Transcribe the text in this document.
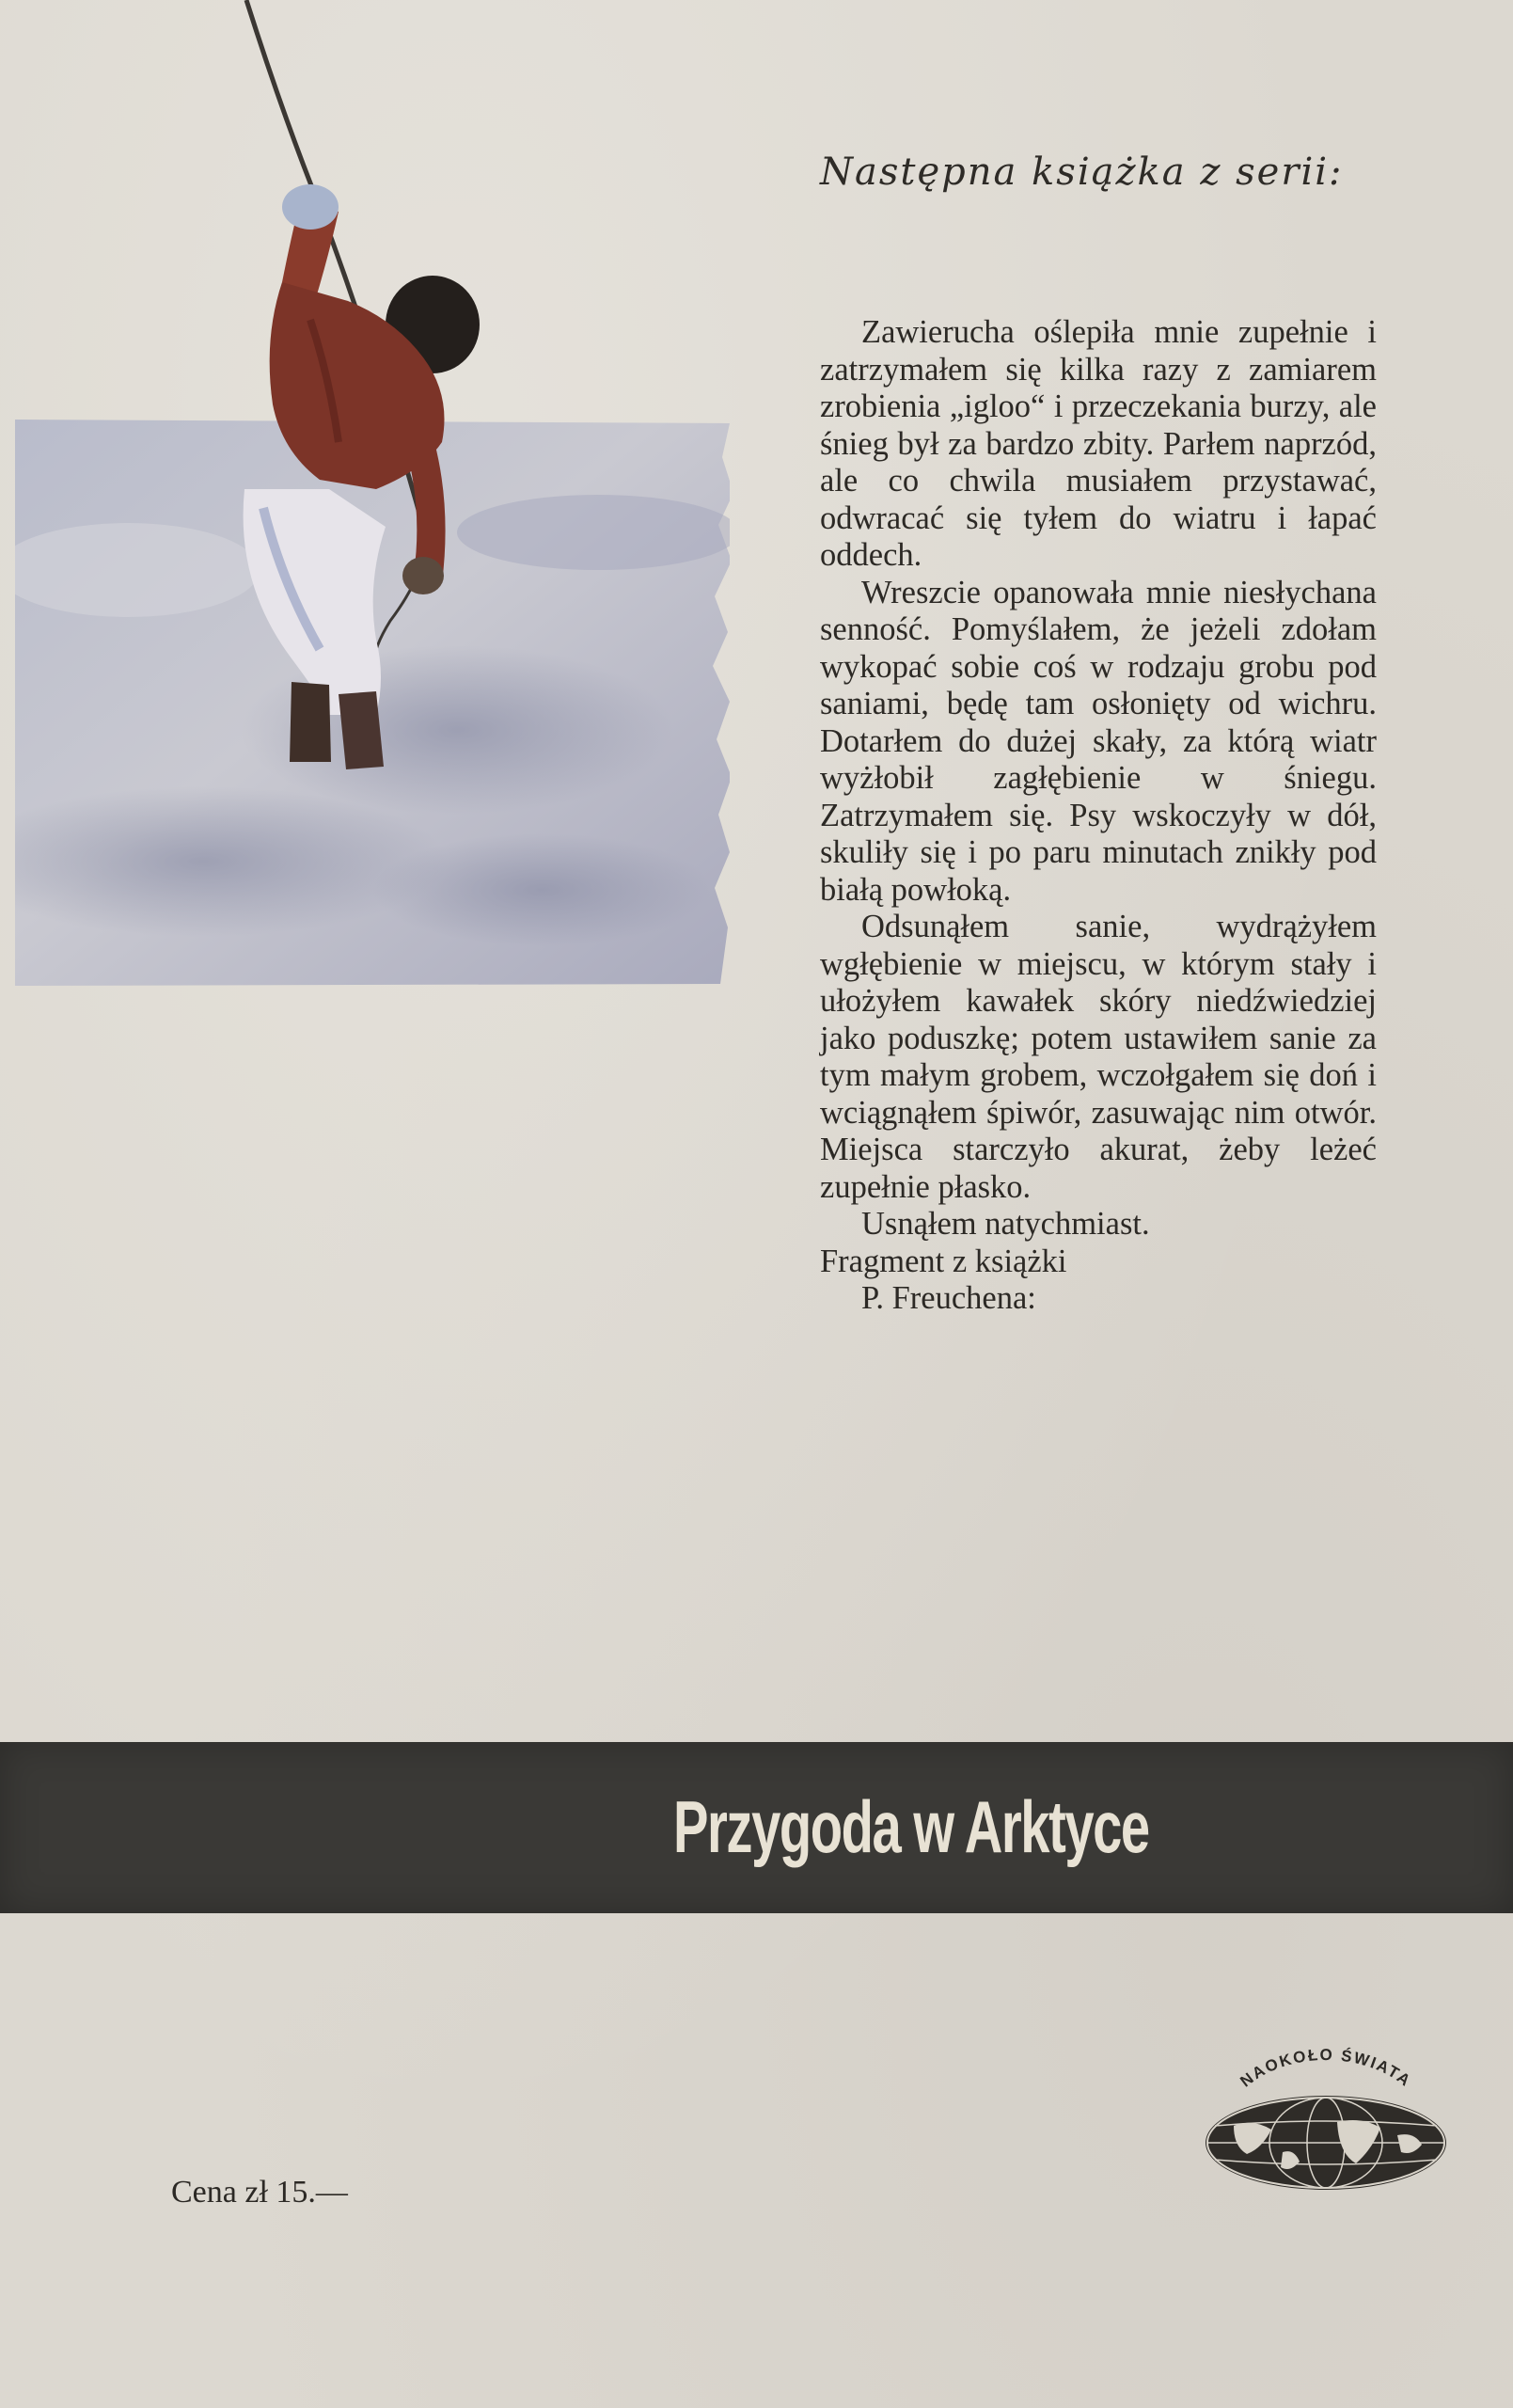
Następna książka z serii:

Zawierucha oślepiła mnie zupełnie i zatrzymałem się kilka razy z zamiarem zrobienia „igloo“ i przeczekania burzy, ale śnieg był za bardzo zbity. Parłem naprzód, ale co chwila musiałem przystawać, odwracać się tyłem do wiatru i łapać oddech.

Wreszcie opanowała mnie niesłychana senność. Pomyślałem, że jeżeli zdołam wykopać sobie coś w rodzaju grobu pod saniami, będę tam osłonięty od wichru. Dotarłem do dużej skały, za którą wiatr wyżłobił zagłębienie w śniegu. Zatrzymałem się. Psy wskoczyły w dół, skuliły się i po paru minutach znikły pod białą powłoką.

Odsunąłem sanie, wydrążyłem wgłębienie w miejscu, w którym stały i ułożyłem kawałek skóry niedźwiedziej jako poduszkę; potem ustawiłem sanie za tym małym grobem, wczołgałem się doń i wciągnąłem śpiwór, zasuwając nim otwór. Miejsca starczyło akurat, żeby leżeć zupełnie płasko.

Usnąłem natychmiast.

Fragment z książki

P. Freuchena:

Przygoda w Arktyce
NAOKOŁO ŚWIATA
Cena zł 15.—
